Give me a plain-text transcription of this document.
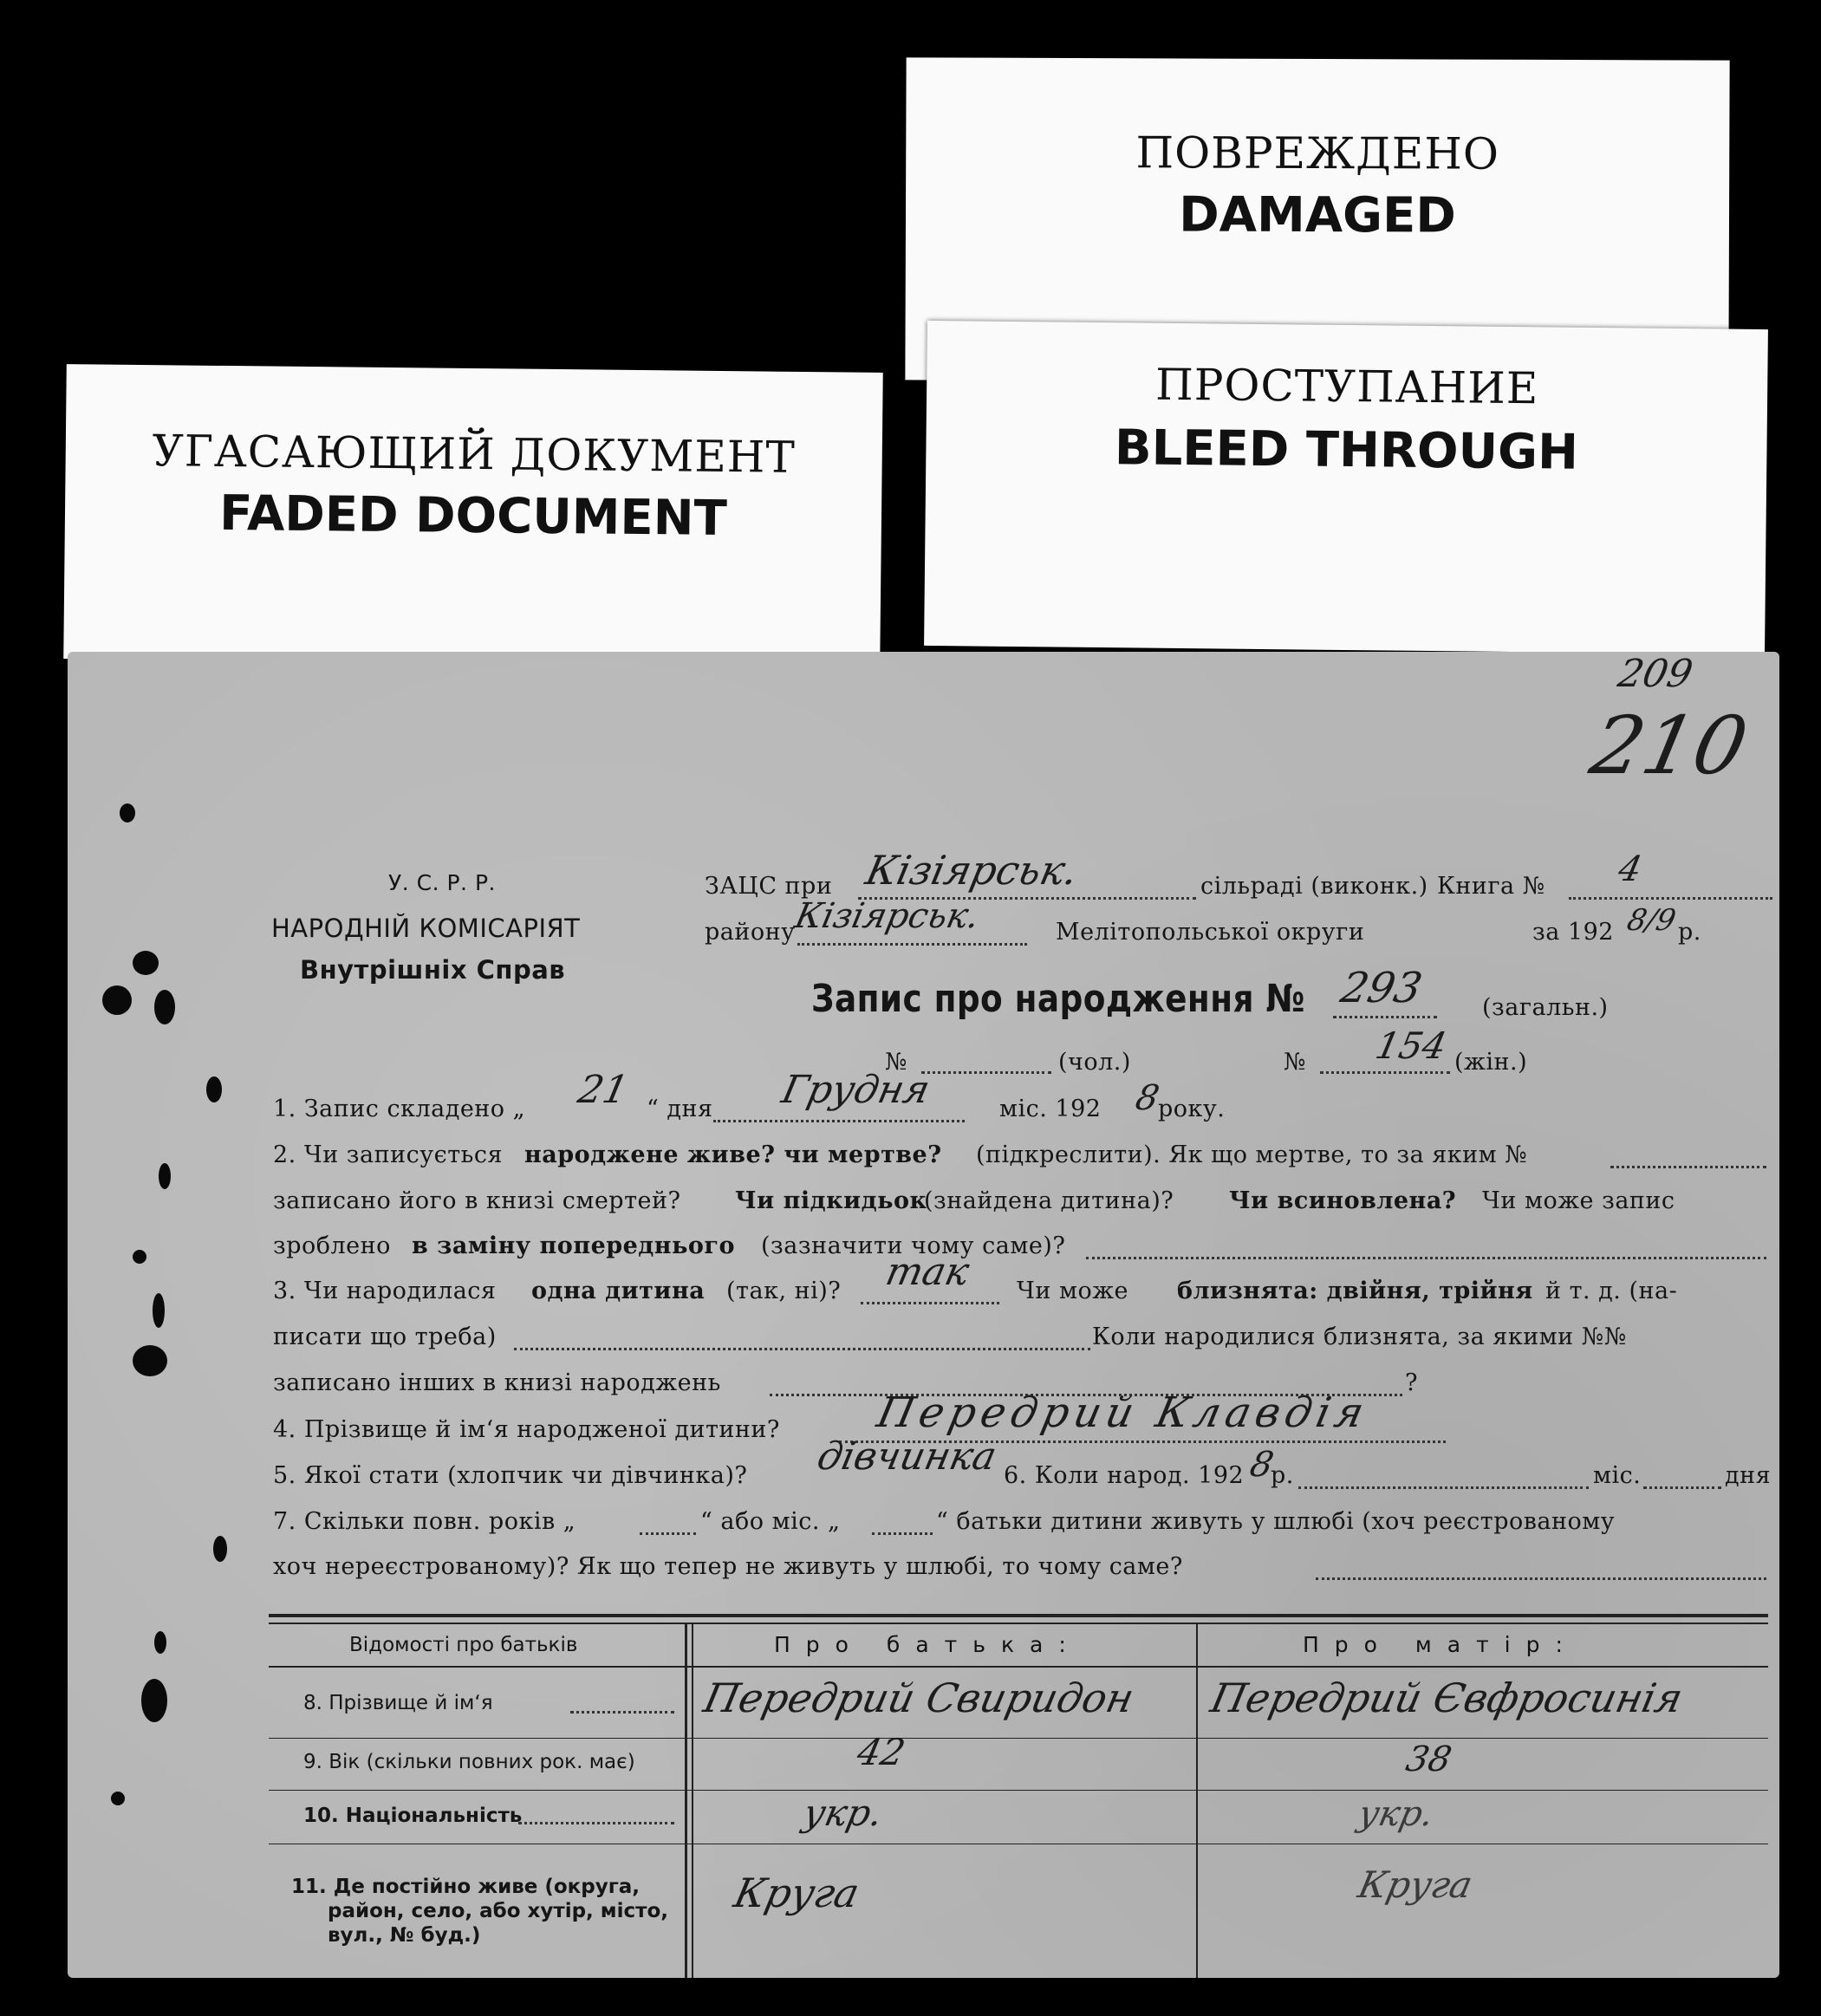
ПОВРЕЖДЕНО
DAMAGED
ПРОСТУПАНИЕ
BLEED THROUGH
УГАСАЮЩИЙ ДОКУМЕНТ
FADED DOCUMENT
209
210
У. С. Р. Р.
НАРОДНІЙ КОМІСАРІЯТ
Внутрішніх Справ
ЗАЦС при Кізіярськ.	сільраді (виконк.) Книга № 4
району
Кізіярськ.	Мелітопольської округи	за 192 8/9 р.
Запис про народження № 293 (загальн.)
№	(чол.)	№ 154 (жін.)
1. Запис складено „ 21 “ дня Грудня	міс. 192 8
року.
2. Чи записується народжене живе? чи мертве? (підкреслити). Як що мертве, то за яким №
записано його в книзі смертей? Чи підкидьок
(знайдена дитина)? Чи всиновлена? Чи може запис
зроблено в заміну попереднього (зазначити чому саме)?
3. Чи народилася одна дитина (так, ні)? так Чи може близнята: двійня, трійня й т. д. (на-
писати що треба)	Коли народилися близнята, за якими №№
записано інших в книзі народжень	?
4. Прізвище й ім‘я народженої дитини? Передрий Клавдія
5. Якої стати (хлопчик чи дівчинка)? дівчинка 6. Коли народ. 192 8
р.	міс.	дня
7. Скільки повн. років „	“ або міс. „	“ батьки дитини живуть у шлюбі (хоч реєстрованому
хоч нереєстрованому)? Як що тепер не живуть у шлюбі, то чому саме?
Відомості про батьків	Про батька:	Про матір:
8. Прізвище й ім‘я	Передрий Свиридон Передрий Євфросинія
9. Вік (скільки повних рок. має)	42	38
10. Національність	укр.	укр.
11. Де постійно живе (округа,
район, село, або хутір, місто,
вул., № буд.)
Круга	Круга
